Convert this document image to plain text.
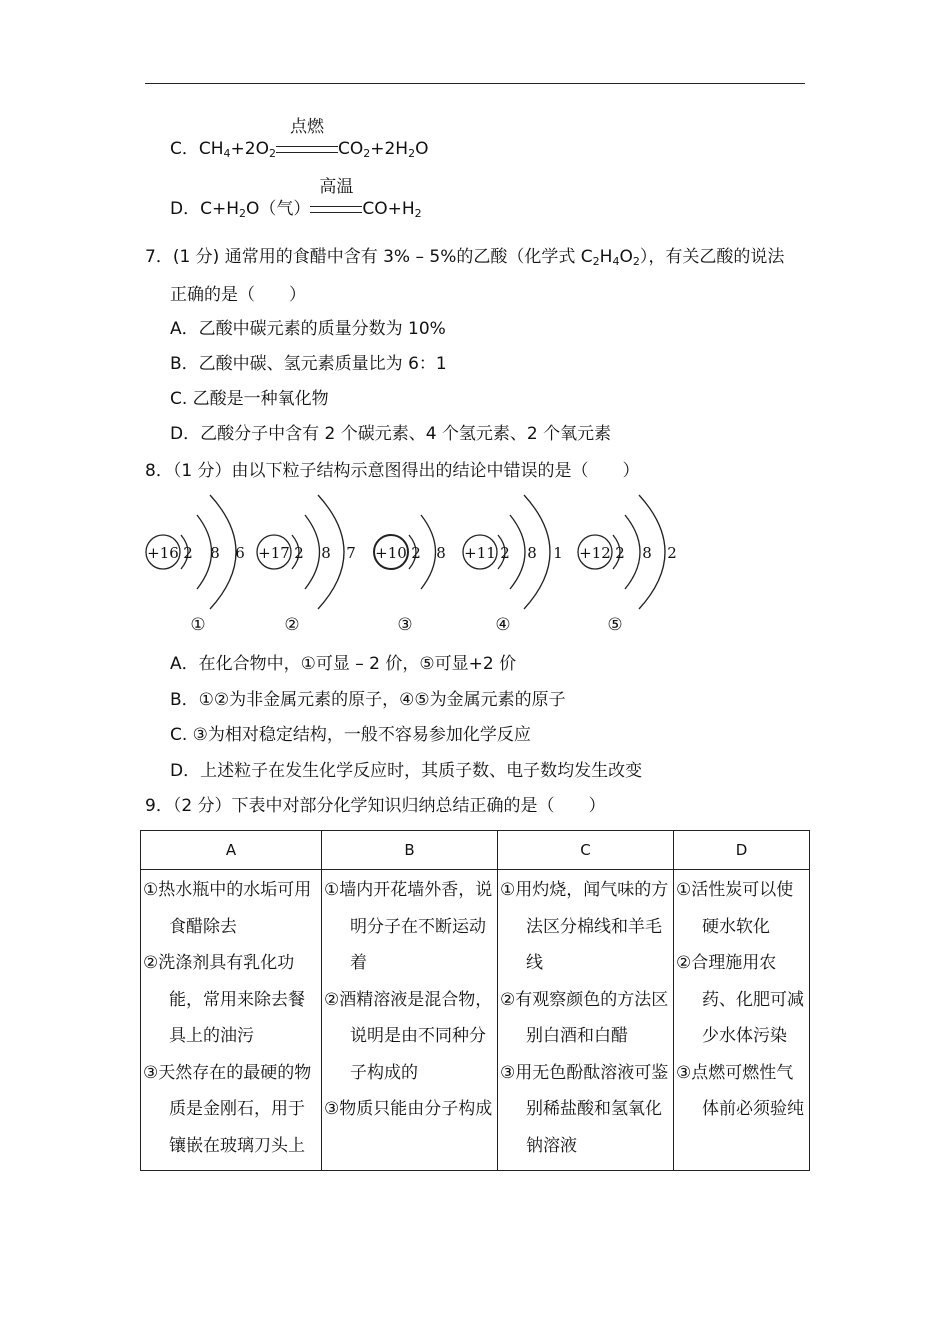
C．$CH_4+2O_2$
点燃
$CO_2+2H_2O$
D．$C+H_2O$（气）
高温
$CO+H_2$
7．(1 分) 通常用的食醋中含有 3% – 5%的乙酸（化学式 $C_2H_4O_2$），有关乙酸的说法
正确的是（　　）
A．乙酸中碳元素的质量分数为 10%
B．乙酸中碳、氢元素质量比为 6：1
C. 乙酸是一种氧化物
D．乙酸分子中含有 2 个碳元素、4 个氢元素、2 个氧元素
8．（1 分）由以下粒子结构示意图得出的结论中错误的是（　　）
+16 2 8 6 +17 2 8 7 +10 2 8 +11 2 8 1 +12 2 8 2
①	②	③	④	⑤
A．在化合物中，①可显 – 2 价，⑤可显+2 价
B．①②为非金属元素的原子，④⑤为金属元素的原子
C. ③为相对稳定结构，一般不容易参加化学反应
D．上述粒子在发生化学反应时，其质子数、电子数均发生改变
9．（2 分）下表中对部分化学知识归纳总结正确的是（　　）
A	B	C	D

①热水瓶中的水垢可用食醋除去
②洗涤剂具有乳化功能，常用来除去餐具上的油污
③天然存在的最硬的物质是金刚石，用于镶嵌在玻璃刀头上	①墙内开花墙外香，说明分子在不断运动着
②酒精溶液是混合物，说明是由不同种分子构成的
③物质只能由分子构成	①用灼烧，闻气味的方法区分棉线和羊毛线
②有观察颜色的方法区别白酒和白醋
③用无色酚酞溶液可鉴别稀盐酸和氢氧化钠溶液	①活性炭可以使硬水软化
②合理施用农药、化肥可减少水体污染
③点燃可燃性气体前必须验纯
